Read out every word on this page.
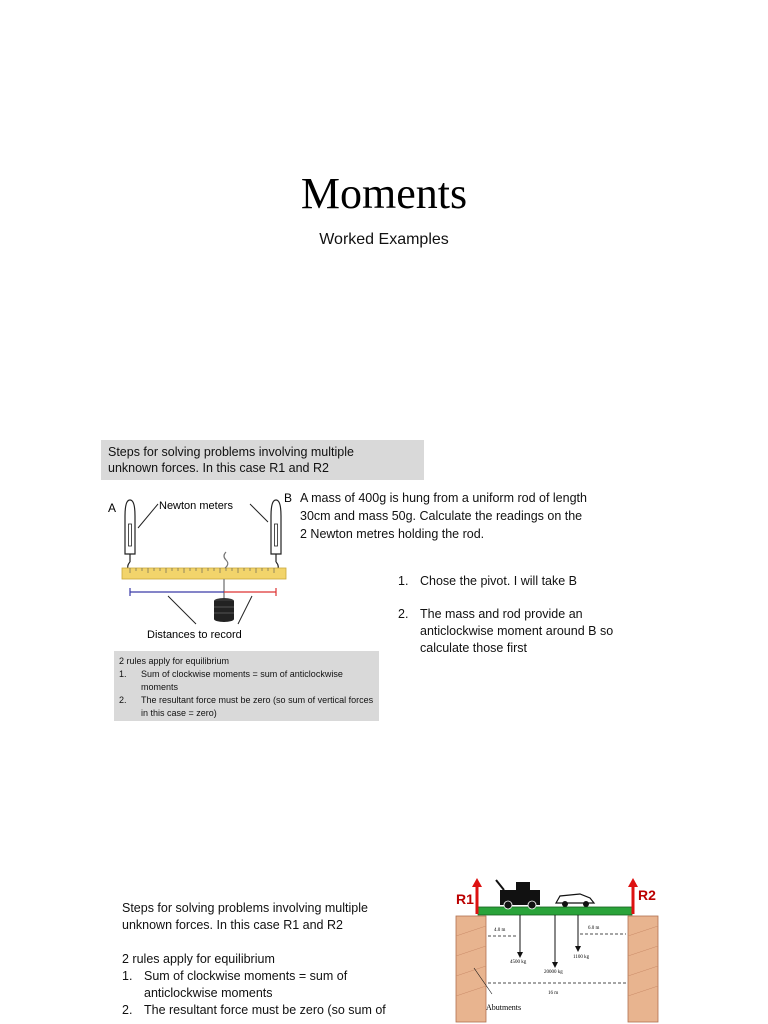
Moments
Worked Examples
Steps for solving problems involving multiple
unknown forces. In this case R1 and R2
A
B
Newton meters
Distances to record
A mass of 400g is hung from a uniform rod of length 30cm and mass 50g. Calculate the readings on the 2 Newton metres holding the rod.
1. Chose the pivot. I will take B
2. The mass and rod provide an anticlockwise moment around B so calculate those first
2 rules apply for equilibrium
1.	Sum of clockwise moments = sum of anticlockwise moments
2.	The resultant force must be zero (so sum of vertical forces in this case = zero)

Steps for solving problems involving multiple

unknown forces. In this case R1 and R2

2 rules apply for equilibrium

1. Sum of clockwise moments = sum of anticlockwise moments
2. The resultant force must be zero (so sum of
R1	R2
4.0 m	6.0 m
4500 kg
1100 kg
20000 kg
16 m
Abutments
